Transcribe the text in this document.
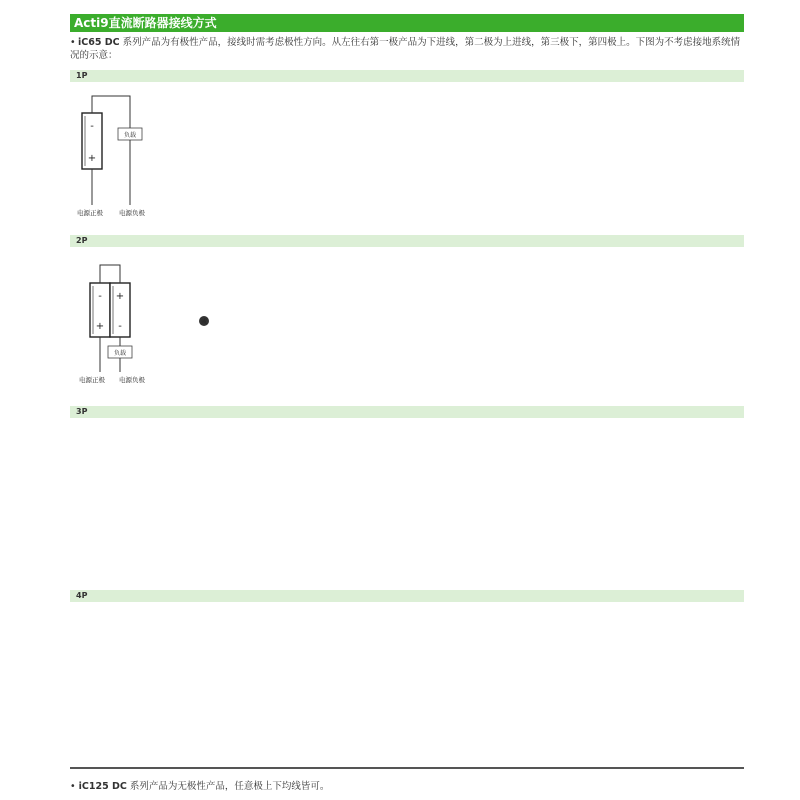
Acti9直流断路器接线方式
• iC65 DC 系列产品为有极性产品，接线时需考虑极性方向。从左往右第一极产品为下进线，第二极为上进线，第三极下，第四极上。下图为不考虑接地系统情况的示意：
1P
2P
3P
4P
• iC125 DC 系列产品为无极性产品，任意极上下均线皆可。
-
+
负载
电源正极 电源负极
-
+
+
-
负载
电源正极 电源负极
或
